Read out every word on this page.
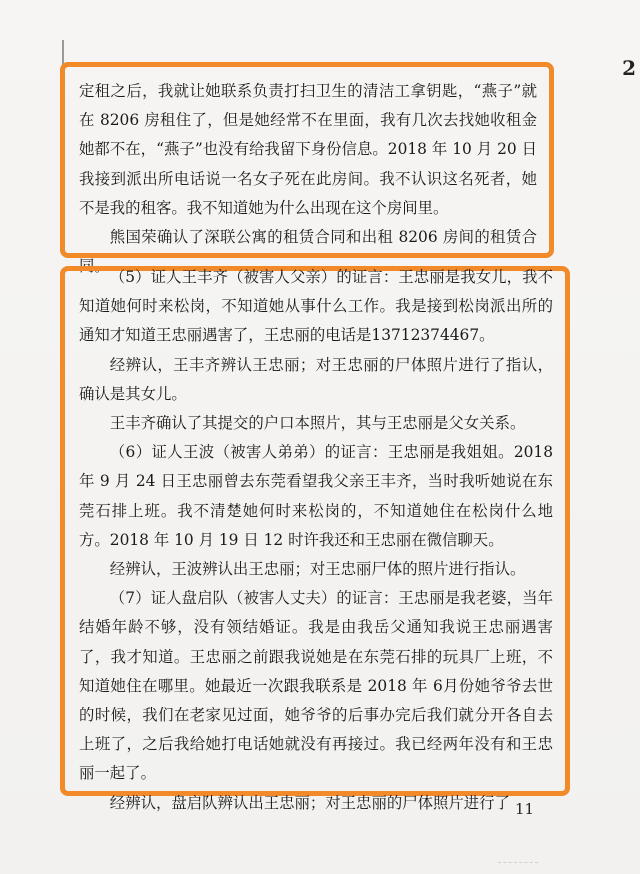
2

定租之后，我就让她联系负责打扫卫生的清洁工拿钥匙，“燕子”就在 8206 房租住了，但是她经常不在里面，我有几次去找她收租金她都不在，“燕子”也没有给我留下身份信息。2018 年 10 月 20 日我接到派出所电话说一名女子死在此房间。我不认识这名死者，她不是我的租客。我不知道她为什么出现在这个房间里。

熊国荣确认了深联公寓的租赁合同和出租 8206 房间的租赁合同。

（5）证人王丰齐（被害人父亲）的证言：王忠丽是我女儿，我不知道她何时来松岗，不知道她从事什么工作。我是接到松岗派出所的通知才知道王忠丽遇害了，王忠丽的电话是13712374467。

经辨认，王丰齐辨认王忠丽；对王忠丽的尸体照片进行了指认，确认是其女儿。

王丰齐确认了其提交的户口本照片，其与王忠丽是父女关系。

（6）证人王波（被害人弟弟）的证言：王忠丽是我姐姐。2018年 9 月 24 日王忠丽曾去东莞看望我父亲王丰齐，当时我听她说在东莞石排上班。我不清楚她何时来松岗的，不知道她住在松岗什么地方。2018 年 10 月 19 日 12 时许我还和王忠丽在微信聊天。

经辨认，王波辨认出王忠丽；对王忠丽尸体的照片进行指认。

（7）证人盘启队（被害人丈夫）的证言：王忠丽是我老婆，当年结婚年龄不够，没有领结婚证。我是由我岳父通知我说王忠丽遇害了，我才知道。王忠丽之前跟我说她是在东莞石排的玩具厂上班，不知道她住在哪里。她最近一次跟我联系是 2018 年 6月份她爷爷去世的时候，我们在老家见过面，她爷爷的后事办完后我们就分开各自去上班了，之后我给她打电话她就没有再接过。我已经两年没有和王忠丽一起了。

经辨认，盘启队辨认出王忠丽；对王忠丽的尸体照片进行了 11
